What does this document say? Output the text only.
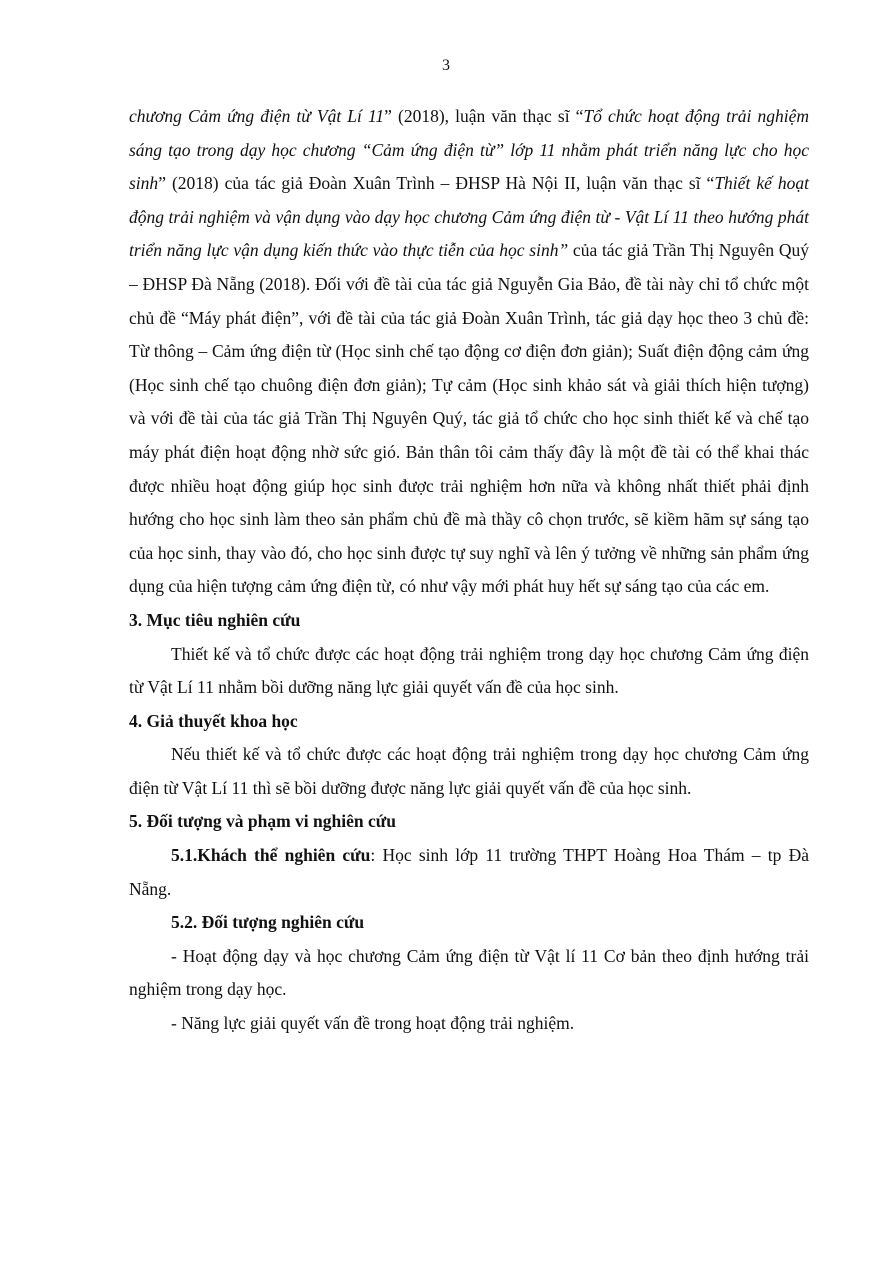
3

chương Cảm ứng điện từ Vật Lí 11” (2018), luận văn thạc sĩ “Tổ chức hoạt động trải nghiệm sáng tạo trong dạy học chương “Cảm ứng điện từ” lớp 11 nhằm phát triển năng lực cho học sinh” (2018) của tác giả Đoàn Xuân Trình – ĐHSP Hà Nội II, luận văn thạc sĩ “Thiết kế hoạt động trải nghiệm và vận dụng vào dạy học chương Cảm ứng điện từ - Vật Lí 11 theo hướng phát triển năng lực vận dụng kiến thức vào thực tiễn của học sinh” của tác giả Trần Thị Nguyên Quý – ĐHSP Đà Nẵng (2018). Đối với đề tài của tác giả Nguyễn Gia Bảo, đề tài này chỉ tổ chức một chủ đề “Máy phát điện”, với đề tài của tác giả Đoàn Xuân Trình, tác giả dạy học theo 3 chủ đề: Từ thông – Cảm ứng điện từ (Học sinh chế tạo động cơ điện đơn giản); Suất điện động cảm ứng (Học sinh chế tạo chuông điện đơn giản); Tự cảm (Học sinh khảo sát và giải thích hiện tượng) và với đề tài của tác giả Trần Thị Nguyên Quý, tác giả tổ chức cho học sinh thiết kế và chế tạo máy phát điện hoạt động nhờ sức gió. Bản thân tôi cảm thấy đây là một đề tài có thể khai thác được nhiều hoạt động giúp học sinh được trải nghiệm hơn nữa và không nhất thiết phải định hướng cho học sinh làm theo sản phẩm chủ đề mà thầy cô chọn trước, sẽ kiềm hãm sự sáng tạo của học sinh, thay vào đó, cho học sinh được tự suy nghĩ và lên ý tưởng về những sản phẩm ứng dụng của hiện tượng cảm ứng điện từ, có như vậy mới phát huy hết sự sáng tạo của các em.

3. Mục tiêu nghiên cứu

Thiết kế và tổ chức được các hoạt động trải nghiệm trong dạy học chương Cảm ứng điện từ Vật Lí 11 nhằm bồi dưỡng năng lực giải quyết vấn đề của học sinh.

4. Giả thuyết khoa học

Nếu thiết kế và tổ chức được các hoạt động trải nghiệm trong dạy học chương Cảm ứng điện từ Vật Lí 11 thì sẽ bồi dưỡng được năng lực giải quyết vấn đề của học sinh.

5. Đối tượng và phạm vi nghiên cứu

5.1.Khách thể nghiên cứu: Học sinh lớp 11 trường THPT Hoàng Hoa Thám – tp Đà Nẵng.

5.2. Đối tượng nghiên cứu

- Hoạt động dạy và học chương Cảm ứng điện từ Vật lí 11 Cơ bản theo định hướng trải nghiệm trong dạy học.

- Năng lực giải quyết vấn đề trong hoạt động trải nghiệm.
